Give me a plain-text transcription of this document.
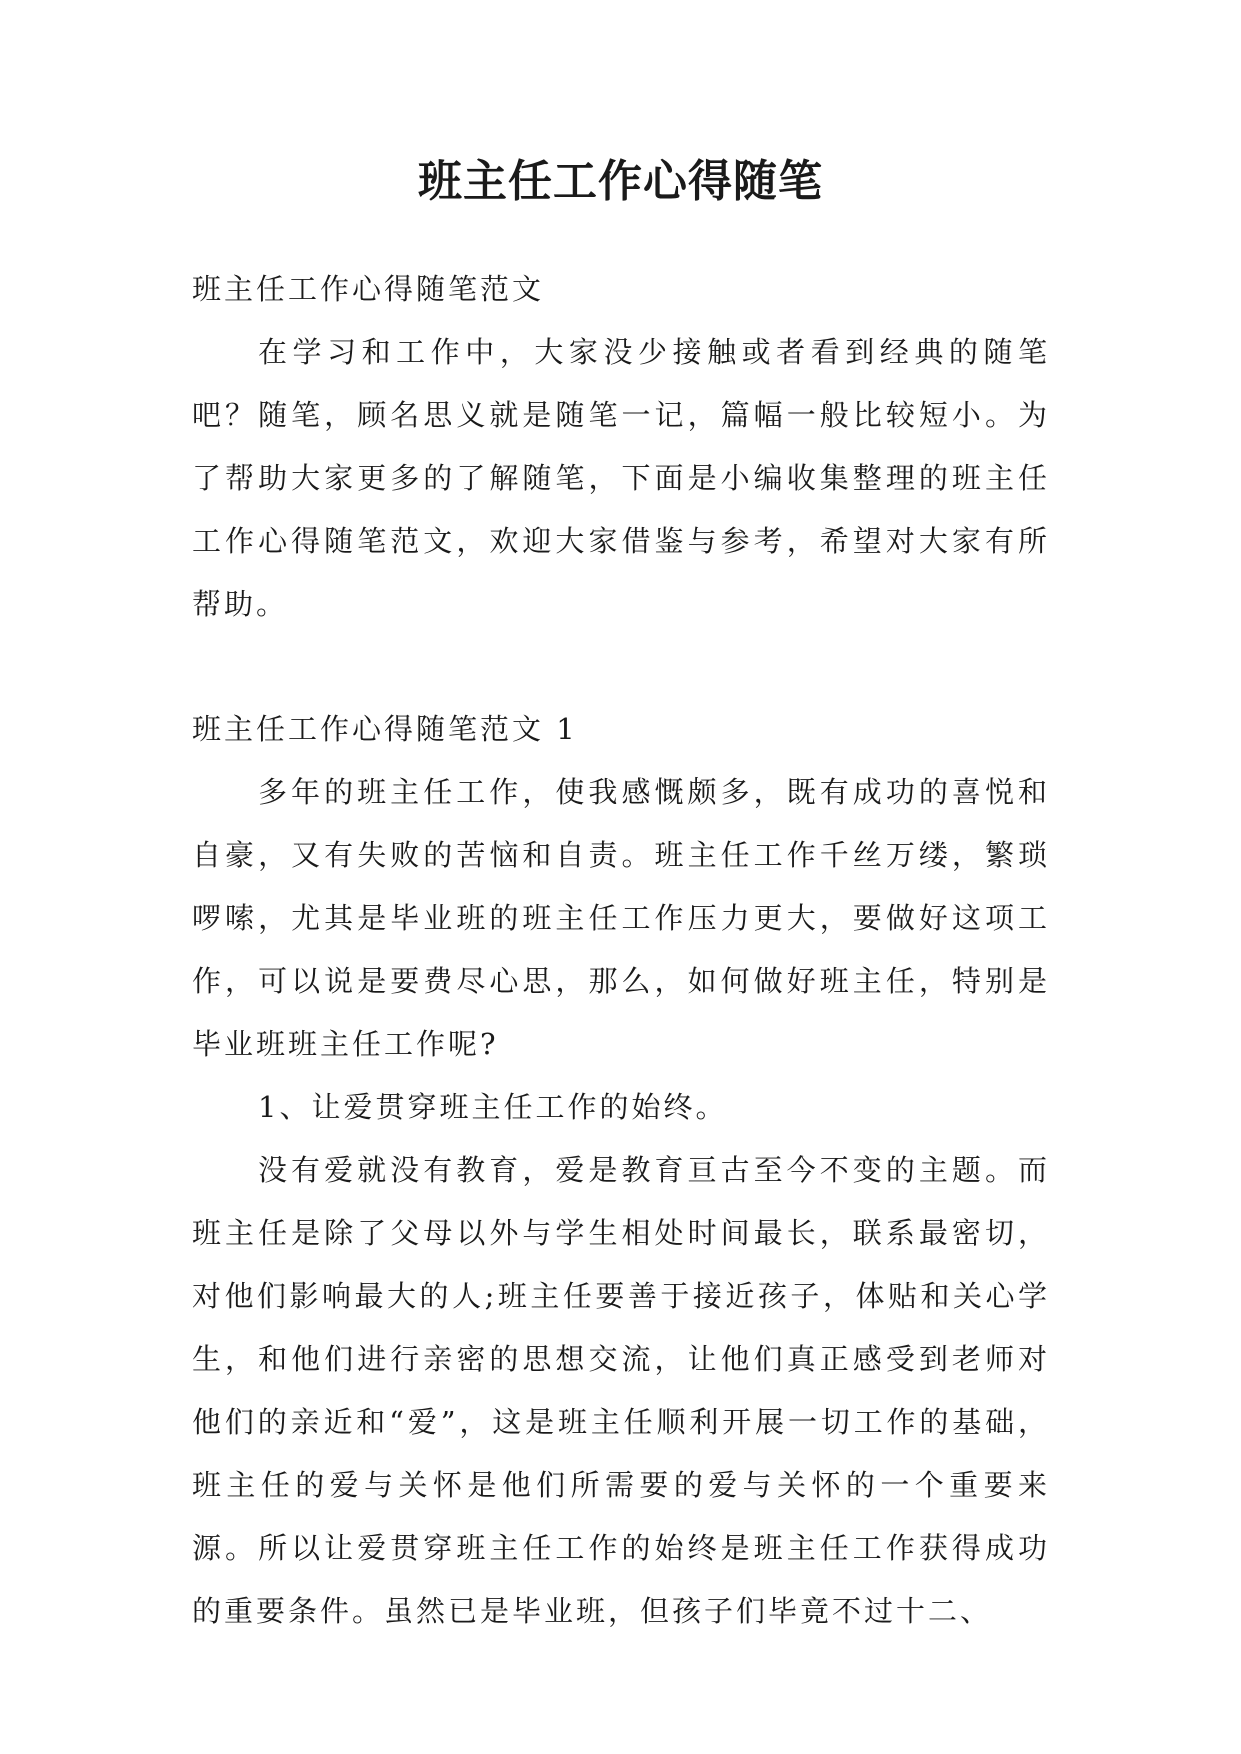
班主任工作心得随笔

班主任工作心得随笔范文

在学习和工作中，大家没少接触或者看到经典的随笔吧？随笔，顾名思义就是随笔一记，篇幅一般比较短小。为了帮助大家更多的了解随笔，下面是小编收集整理的班主任工作心得随笔范文，欢迎大家借鉴与参考，希望对大家有所帮助。

班主任工作心得随笔范文 1

多年的班主任工作，使我感慨颇多，既有成功的喜悦和自豪，又有失败的苦恼和自责。班主任工作千丝万缕，繁琐啰嗦，尤其是毕业班的班主任工作压力更大，要做好这项工作，可以说是要费尽心思，那么，如何做好班主任，特别是毕业班班主任工作呢?

1、让爱贯穿班主任工作的始终。

没有爱就没有教育，爱是教育亘古至今不变的主题。而班主任是除了父母以外与学生相处时间最长，联系最密切，对他们影响最大的人;班主任要善于接近孩子，体贴和关心学生，和他们进行亲密的思想交流，让他们真正感受到老师对他们的亲近和“爱”，这是班主任顺利开展一切工作的基础，班主任的爱与关怀是他们所需要的爱与关怀的一个重要来源。所以让爱贯穿班主任工作的始终是班主任工作获得成功的重要条件。虽然已是毕业班，但孩子们毕竟不过十二、
